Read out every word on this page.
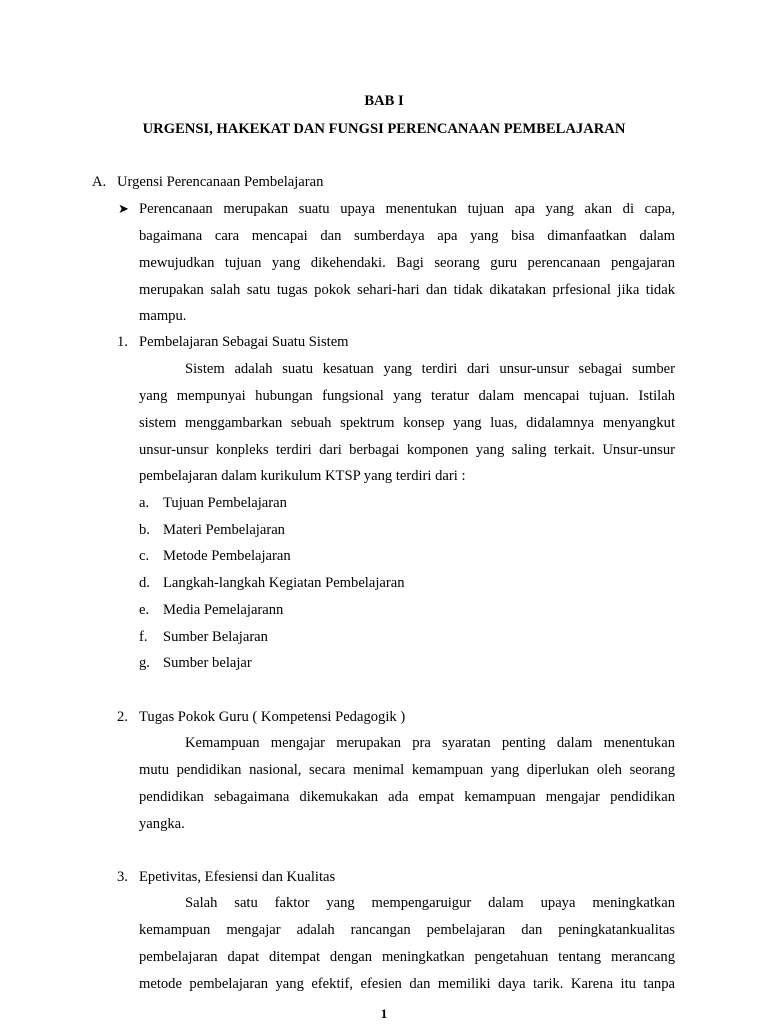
BAB I
URGENSI, HAKEKAT DAN FUNGSI PERENCANAAN PEMBELAJARAN
A. Urgensi Perencanaan Pembelajaran
➤ Perencanaan merupakan suatu upaya menentukan tujuan apa yang akan di capa,
bagaimana cara mencapai dan sumberdaya apa yang bisa dimanfaatkan dalam
mewujudkan tujuan yang dikehendaki. Bagi seorang guru perencanaan pengajaran
merupakan salah satu tugas pokok sehari-hari dan tidak dikatakan prfesional jika tidak
mampu.
1. Pembelajaran Sebagai Suatu Sistem
Sistem adalah suatu kesatuan yang terdiri dari unsur-unsur sebagai sumber
yang mempunyai hubungan fungsional yang teratur dalam mencapai tujuan. Istilah
sistem menggambarkan sebuah spektrum konsep yang luas, didalamnya menyangkut
unsur-unsur konpleks terdiri dari berbagai komponen yang saling terkait. Unsur-unsur
pembelajaran dalam kurikulum KTSP yang terdiri dari :
a. Tujuan Pembelajaran
b. Materi Pembelajaran
c. Metode Pembelajaran
d. Langkah-langkah Kegiatan Pembelajaran
e. Media Pemelajarann
f. Sumber Belajaran
g. Sumber belajar
2. Tugas Pokok Guru ( Kompetensi Pedagogik )
Kemampuan mengajar merupakan pra syaratan penting dalam menentukan
mutu pendidikan nasional, secara menimal kemampuan yang diperlukan oleh seorang
pendidikan sebagaimana dikemukakan ada empat kemampuan mengajar pendidikan
yangka.
3. Epetivitas, Efesiensi dan Kualitas
Salah satu faktor yang mempengaruigur dalam upaya meningkatkan
kemampuan mengajar adalah rancangan pembelajaran dan peningkatankualitas
pembelajaran dapat ditempat dengan meningkatkan pengetahuan tentang merancang
metode pembelajaran yang efektif, efesien dan memiliki daya tarik. Karena itu tanpa
1
